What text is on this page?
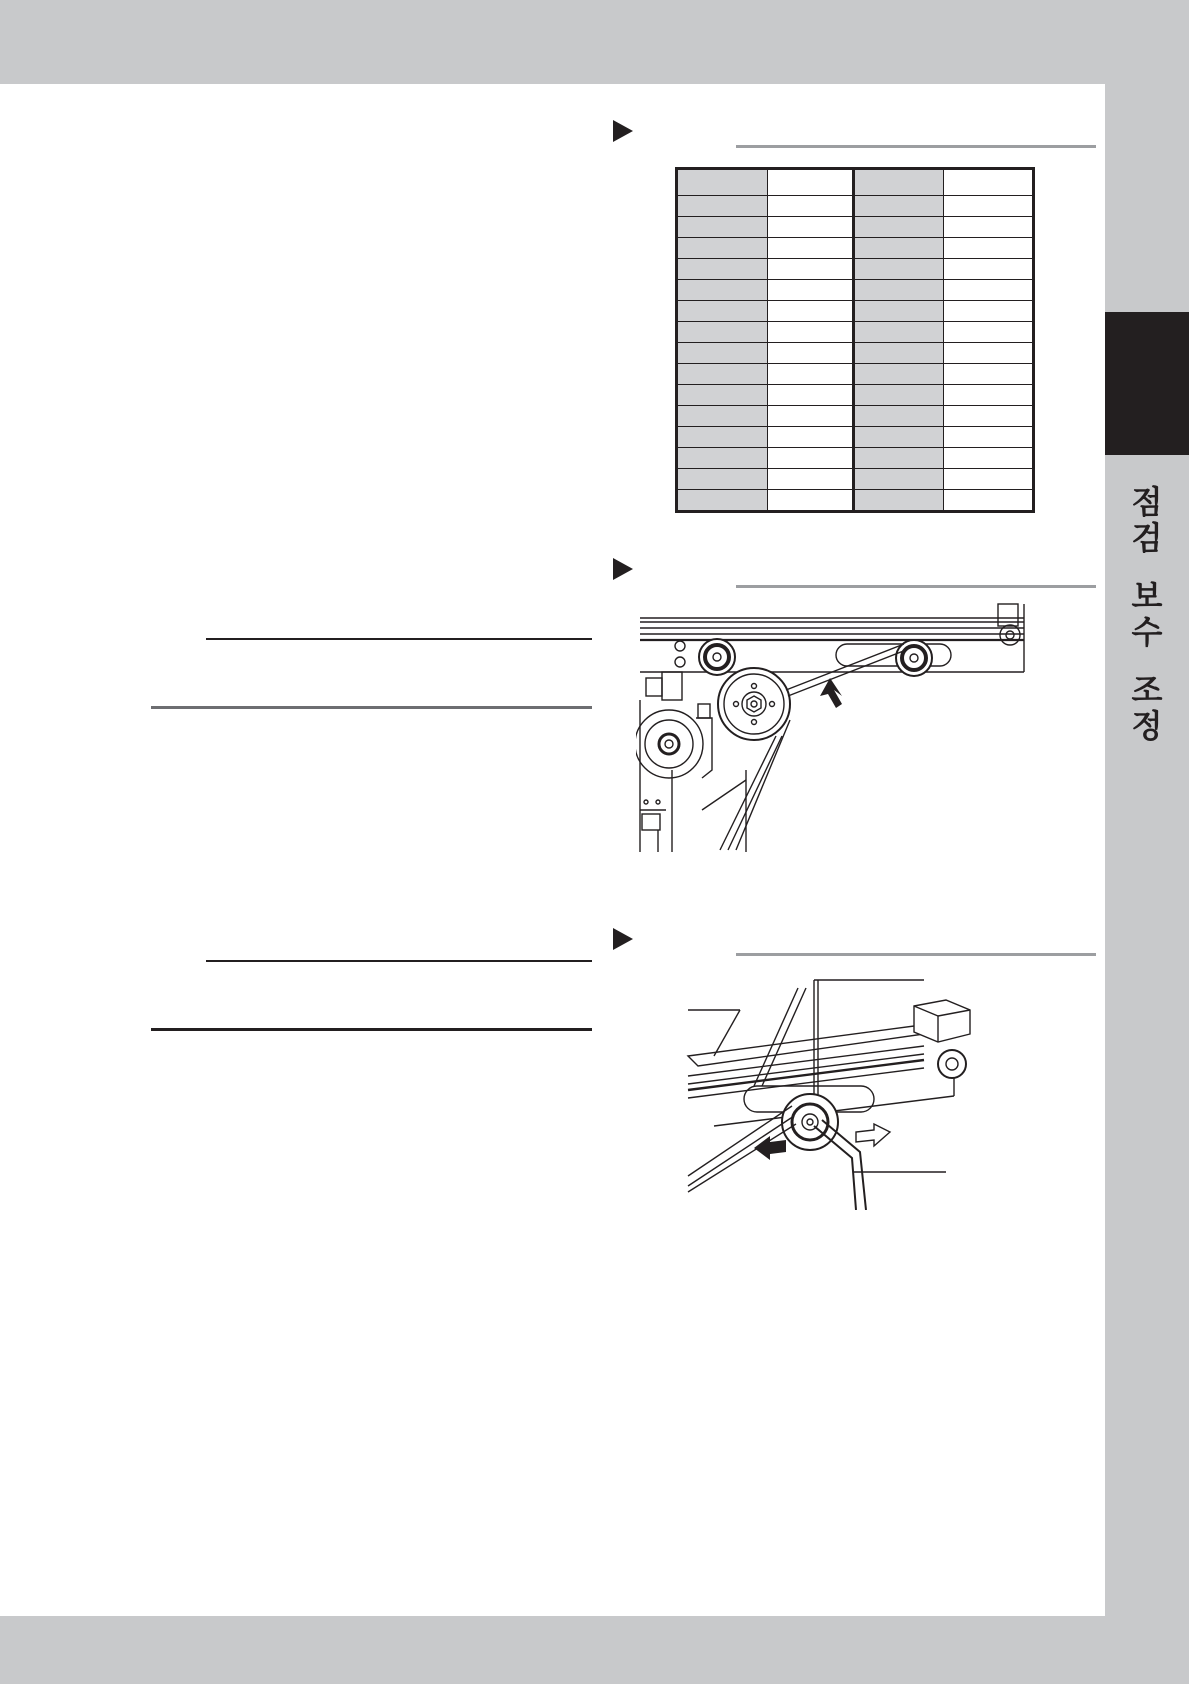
점
검
보
수
조
정
